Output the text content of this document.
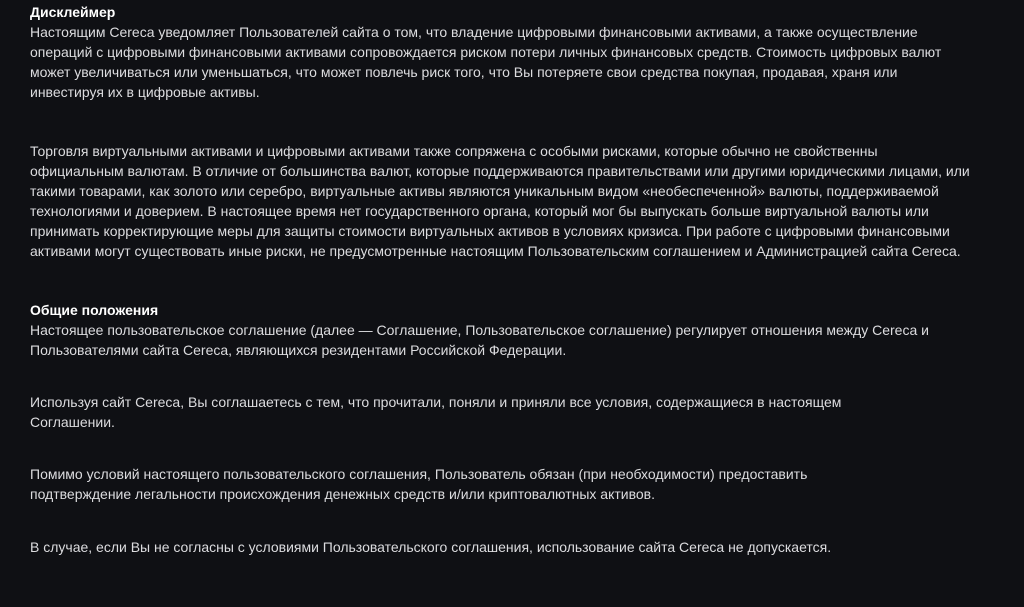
Дисклеймер

Настоящим Cereca уведомляет Пользователей сайта о том, что владение цифровыми финансовыми активами, а также осуществление операций с цифровыми финансовыми активами сопровождается риском потери личных финансовых средств. Стоимость цифровых валют может увеличиваться или уменьшаться, что может повлечь риск того, что Вы потеряете свои средства покупая, продавая, храня или инвестируя их в цифровые активы.

Торговля виртуальными активами и цифровыми активами также сопряжена с особыми рисками, которые обычно не свойственны официальным валютам. В отличие от большинства валют, которые поддерживаются правительствами или другими юридическими лицами, или такими товарами, как золото или серебро, виртуальные активы являются уникальным видом «необеспеченной» валюты, поддерживаемой технологиями и доверием. В настоящее время нет государственного органа, который мог бы выпускать больше виртуальной валюты или принимать корректирующие меры для защиты стоимости виртуальных активов в условиях кризиса. При работе с цифровыми финансовыми активами могут существовать иные риски, не предусмотренные настоящим Пользовательским соглашением и Администрацией сайта Cereca.

Общие положения

Настоящее пользовательское соглашение (далее — Соглашение, Пользовательское соглашение) регулирует отношения между Cereca и Пользователями сайта Cereca, являющихся резидентами Российской Федерации.

Используя сайт Cereca, Вы соглашаетесь с тем, что прочитали, поняли и приняли все условия, содержащиеся в настоящем Соглашении.

Помимо условий настоящего пользовательского соглашения, Пользователь обязан (при необходимости) предоставить подтверждение легальности происхождения денежных средств и/или криптовалютных активов.

В случае, если Вы не согласны с условиями Пользовательского соглашения, использование сайта Cereca не допускается.
